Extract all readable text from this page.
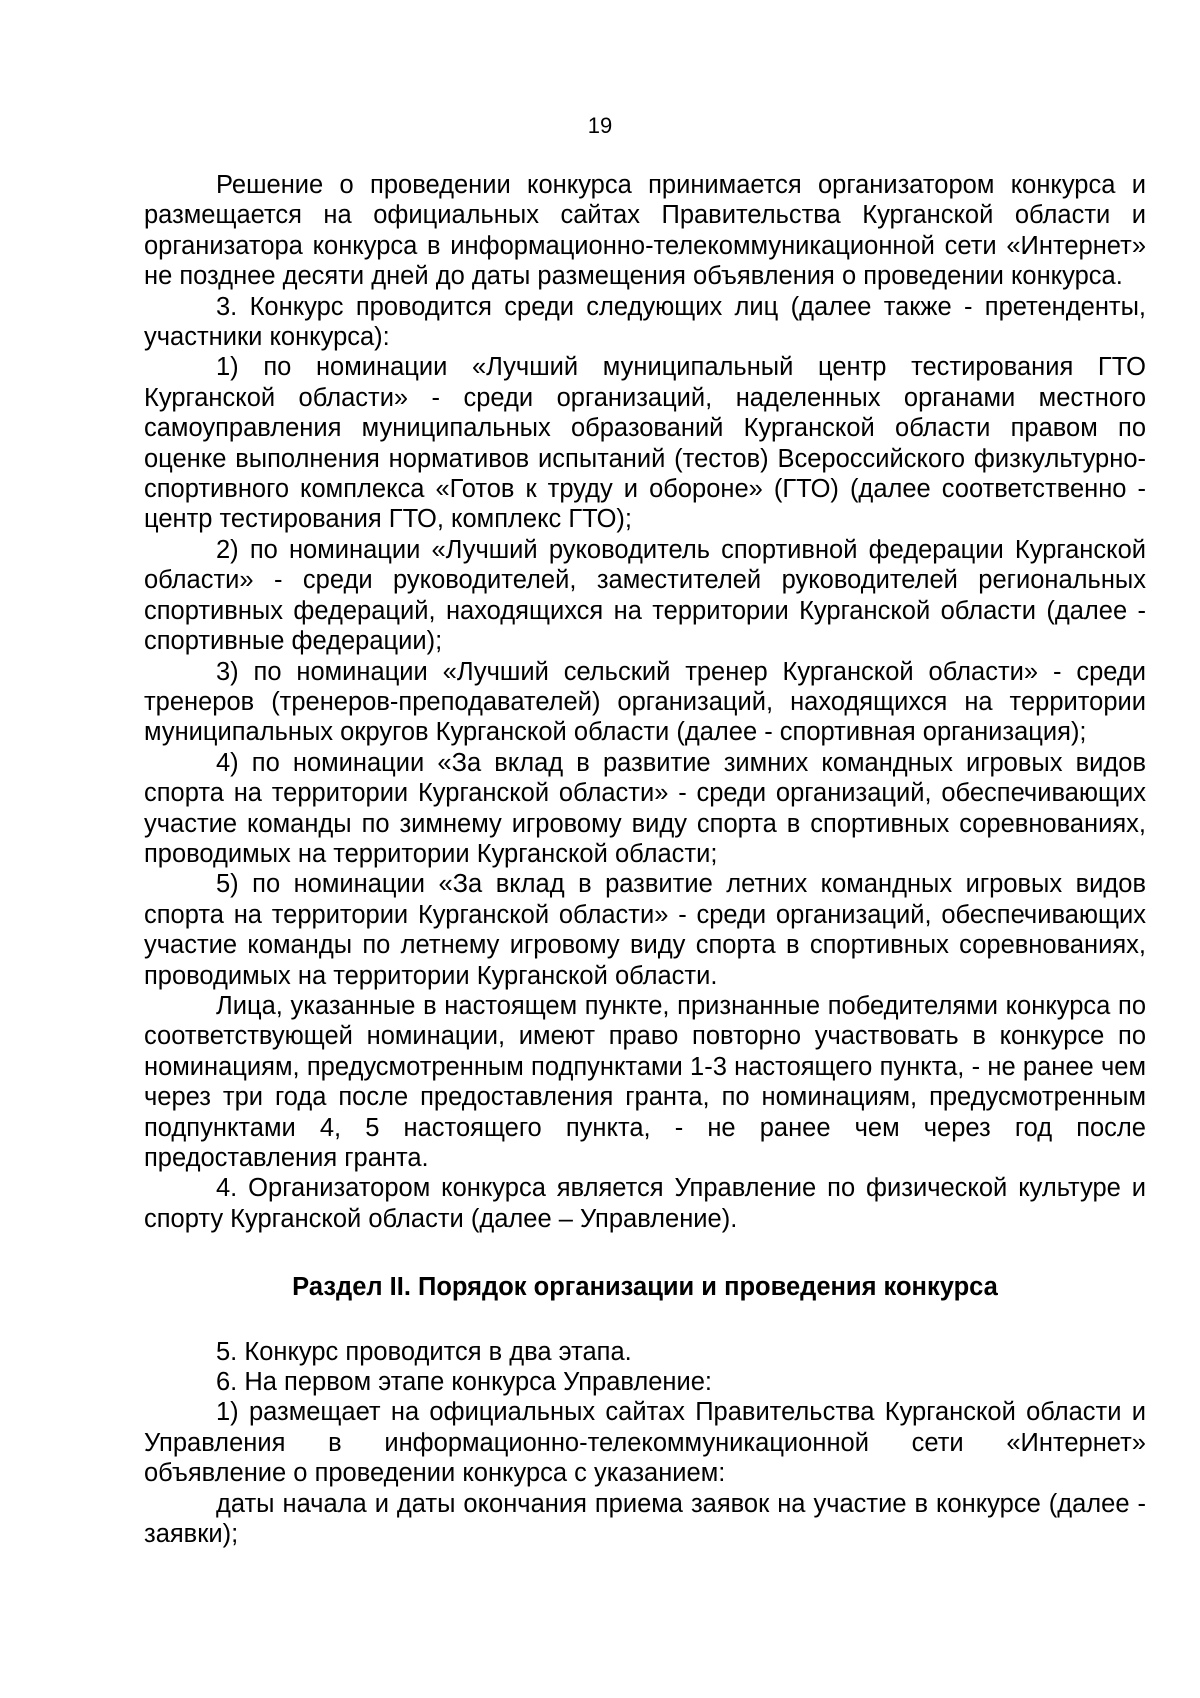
19

Решение о проведении конкурса принимается организатором конкурса и размещается на официальных сайтах Правительства Курганской области и организатора конкурса в информационно-телекоммуникационной сети «Интернет» не позднее десяти дней до даты размещения объявления о проведении конкурса.

3. Конкурс проводится среди следующих лиц (далее также - претенденты, участники конкурса):

1) по номинации «Лучший муниципальный центр тестирования ГТО Курганской области» - среди организаций, наделенных органами местного самоуправления муниципальных образований Курганской области правом по оценке выполнения нормативов испытаний (тестов) Всероссийского физкультурно-спортивного комплекса «Готов к труду и обороне» (ГТО) (далее соответственно - центр тестирования ГТО, комплекс ГТО);

2) по номинации «Лучший руководитель спортивной федерации Курганской области» - среди руководителей, заместителей руководителей региональных спортивных федераций, находящихся на территории Курганской области (далее - спортивные федерации);

3) по номинации «Лучший сельский тренер Курганской области» - среди тренеров (тренеров-преподавателей) организаций, находящихся на территории муниципальных округов Курганской области (далее - спортивная организация);

4) по номинации «За вклад в развитие зимних командных игровых видов спорта на территории Курганской области» - среди организаций, обеспечивающих участие команды по зимнему игровому виду спорта в спортивных соревнованиях, проводимых на территории Курганской области;

5) по номинации «За вклад в развитие летних командных игровых видов спорта на территории Курганской области» - среди организаций, обеспечивающих участие команды по летнему игровому виду спорта в спортивных соревнованиях, проводимых на территории Курганской области.

Лица, указанные в настоящем пункте, признанные победителями конкурса по соответствующей номинации, имеют право повторно участвовать в конкурсе по номинациям, предусмотренным подпунктами 1-3 настоящего пункта, - не ранее чем через три года после предоставления гранта, по номинациям, предусмотренным подпунктами 4, 5 настоящего пункта, - не ранее чем через год после предоставления гранта.

4. Организатором конкурса является Управление по физической культуре и спорту Курганской области (далее – Управление).

Раздел II. Порядок организации и проведения конкурса

5. Конкурс проводится в два этапа.

6. На первом этапе конкурса Управление:

1) размещает на официальных сайтах Правительства Курганской области и Управления в информационно-телекоммуникационной сети «Интернет» объявление о проведении конкурса с указанием:

даты начала и даты окончания приема заявок на участие в конкурсе (далее - заявки);
